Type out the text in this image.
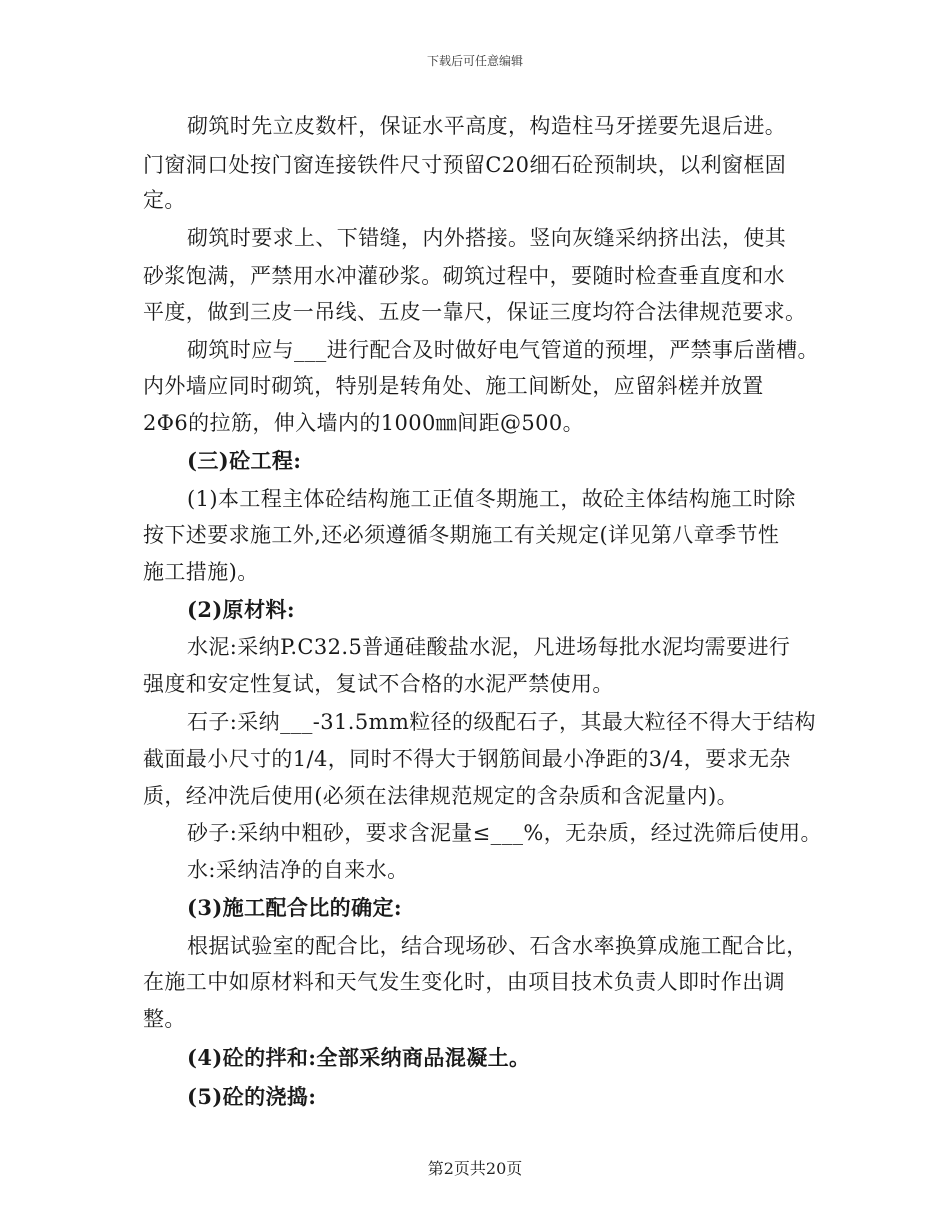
下载后可任意编辑
砌筑时先立皮数杆，保证水平高度，构造柱马牙搓要先退后进。
门窗洞口处按门窗连接铁件尺寸预留C20细石砼预制块，以利窗框固
定。
砌筑时要求上、下错缝，内外搭接。竖向灰缝采纳挤出法，使其
砂浆饱满，严禁用水冲灌砂浆。砌筑过程中，要随时检查垂直度和水
平度，做到三皮一吊线、五皮一靠尺，保证三度均符合法律规范要求。
砌筑时应与___进行配合及时做好电气管道的预埋，严禁事后凿槽。
内外墙应同时砌筑，特别是转角处、施工间断处，应留斜槎并放置
2Φ6的拉筋，伸入墙内的1000㎜间距@500。
(三)砼工程:
(1)本工程主体砼结构施工正值冬期施工，故砼主体结构施工时除
按下述要求施工外,还必须遵循冬期施工有关规定(详见第八章季节性
施工措施)。
(2)原材料:
水泥:采纳P.C32.5普通硅酸盐水泥，凡进场每批水泥均需要进行
强度和安定性复试，复试不合格的水泥严禁使用。
石子:采纳___-31.5mm粒径的级配石子，其最大粒径不得大于结构
截面最小尺寸的1/4，同时不得大于钢筋间最小净距的3/4，要求无杂
质，经冲洗后使用(必须在法律规范规定的含杂质和含泥量内)。
砂子:采纳中粗砂，要求含泥量≤___%，无杂质，经过洗筛后使用。
水:采纳洁净的自来水。
(3)施工配合比的确定:
根据试验室的配合比，结合现场砂、石含水率换算成施工配合比，
在施工中如原材料和天气发生变化时，由项目技术负责人即时作出调
整。
(4)砼的拌和:全部采纳商品混凝土。
(5)砼的浇捣:
第2页共20页
